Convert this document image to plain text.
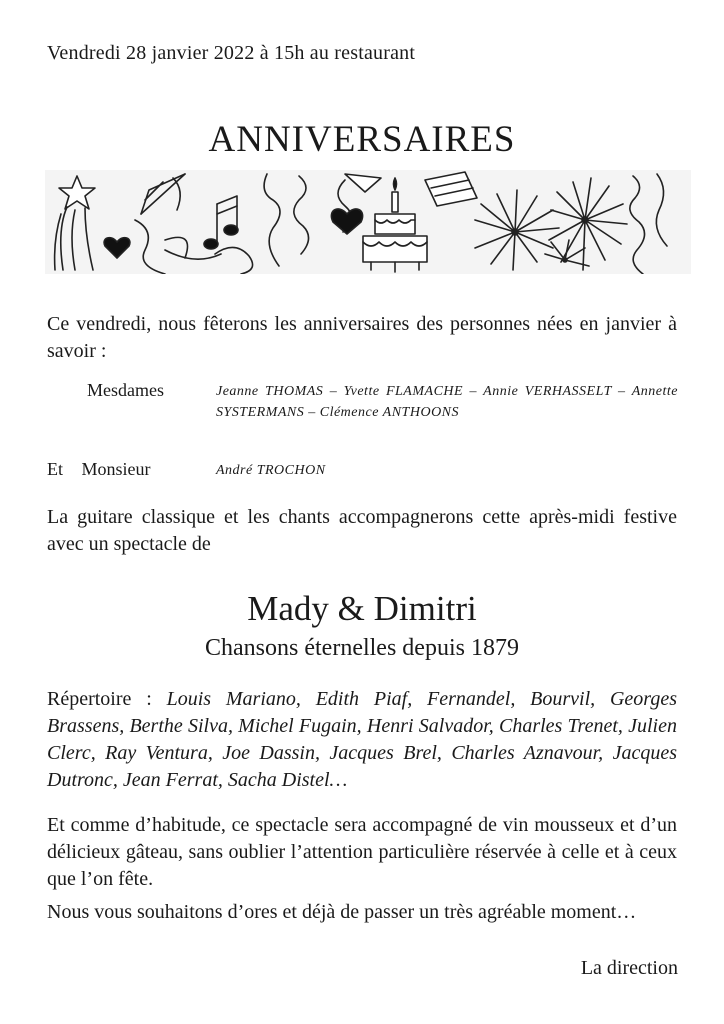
Vendredi 28 janvier 2022 à 15h au restaurant
ANNIVERSAIRES
Ce vendredi, nous fêterons les anniversaires des personnes nées en janvier à savoir :
Mesdames	Jeanne THOMAS – Yvette FLAMACHE – Annie VERHASSELT – Annette SYSTERMANS – Clémence ANTHOONS
Et Monsieur	André TROCHON
La guitare classique et les chants accompagnerons cette après-midi festive avec un spectacle de
Mady & Dimitri
Chansons éternelles depuis 1879
Répertoire : Louis Mariano, Edith Piaf, Fernandel, Bourvil, Georges Brassens, Berthe Silva, Michel Fugain, Henri Salvador, Charles Trenet, Julien Clerc, Ray Ventura, Joe Dassin, Jacques Brel, Charles Aznavour, Jacques Dutronc, Jean Ferrat, Sacha Distel…
Et comme d’habitude, ce spectacle sera accompagné de vin mousseux et d’un délicieux gâteau, sans oublier l’attention particulière réservée à celle et à ceux que l’on fête.
Nous vous souhaitons d’ores et déjà de passer un très agréable moment…
La direction
